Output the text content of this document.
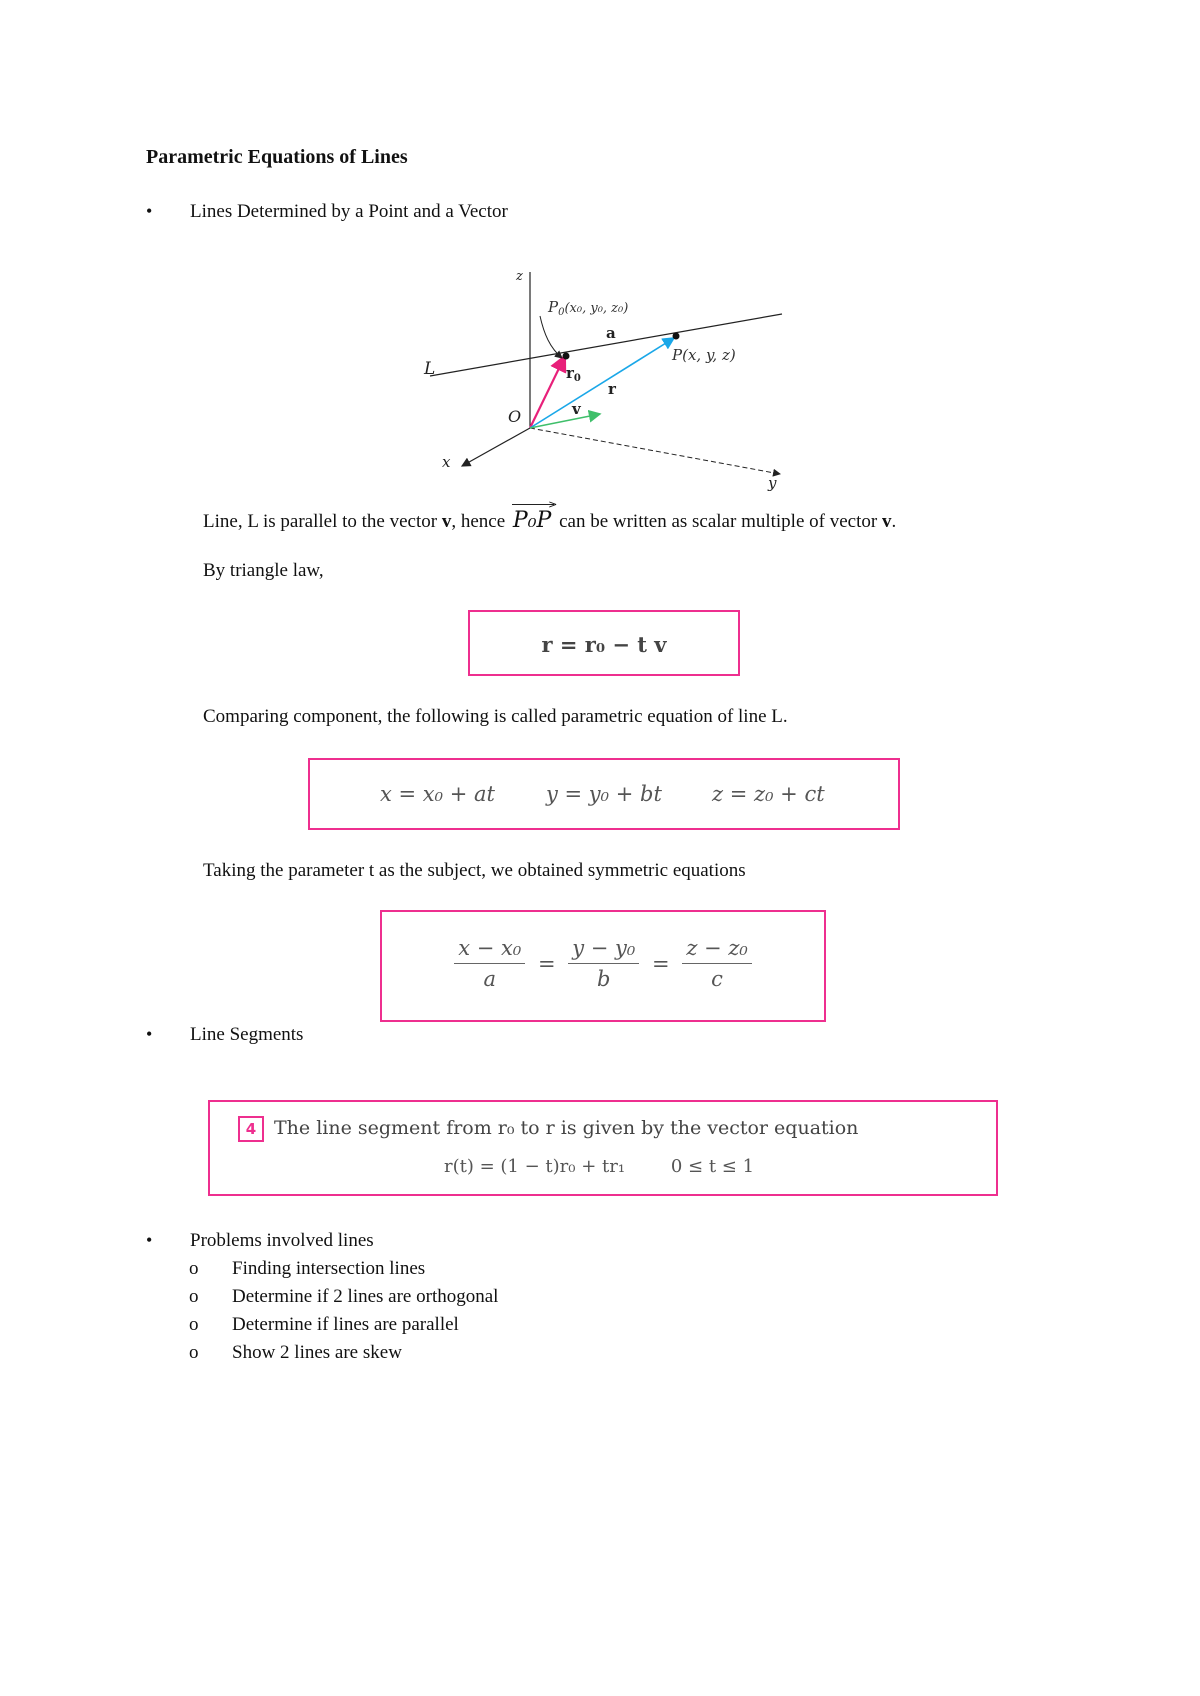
Parametric Equations of Lines
• Lines Determined by a Point and a Vector
z
x
y
O
L
$P_0(x_0$, y₀, z₀)
a
P(x, y, z)
$r_0$
r
v
Line, L is parallel to the vector v, hence
>
P₀P can be written as scalar multiple of vector v.
By triangle law,
r = r₀ − t v
Comparing component, the following is called parametric equation of line L.
x = x₀ + at y = y₀ + bt z = z₀ + ct
Taking the parameter t as the subject, we obtained symmetric equations
$\frac{\text{x − x₀}}{a} = \frac{\text{y − y₀}}{b} = \frac{\text{z − z₀}}{c}$
• Line Segments
4 The line segment from r₀ to r is given by the vector equation
r(t) = (1 − t)r₀ + tr₁        0 ≤ t ≤ 1
• Problems involved lines
o Finding intersection lines
o Determine if 2 lines are orthogonal
o Determine if lines are parallel
o Show 2 lines are skew
